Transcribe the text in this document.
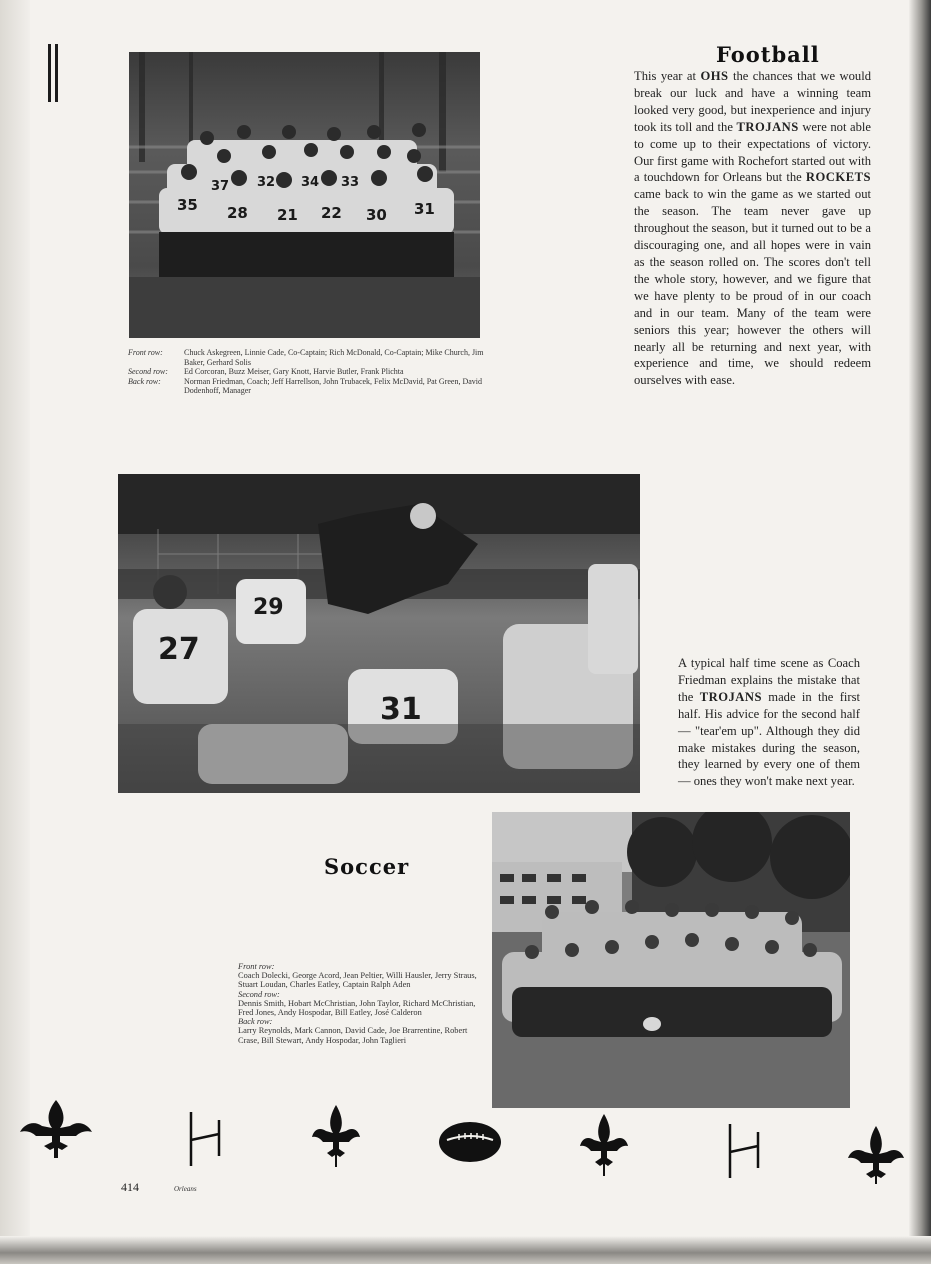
35 28 21 22 30 31
37 32 34 33
Front row:	Chuck Askegreen, Linnie Cade, Co-Captain; Rich McDonald, Co-Captain; Mike Church, Jim Baker, Gerhard Solis
Second row:	Ed Corcoran, Buzz Meiser, Gary Knott, Harvie Butler, Frank Plichta
Back row:	Norman Friedman, Coach; Jeff Harrellson, John Trubacek, Felix McDavid, Pat Green, David Dodenhoff, Manager
Football
This year at OHS the chances that we would break our luck and have a winning team looked very good, but inexperience and injury took its toll and the TROJANS were not able to come up to their expectations of victory. Our first game with Rochefort started out with a touchdown for Orleans but the ROCKETS came back to win the game as we started out the season. The team never gave up throughout the season, but it turned out to be a discouraging one, and all hopes were in vain as the season rolled on. The scores don't tell the whole story, however, and we figure that we have plenty to be proud of in our coach and in our team. Many of the team were seniors this year; however the others will nearly all be returning and next year, with experience and time, we should redeem ourselves with ease.
27
29
31
A typical half time scene as Coach Friedman explains the mistake that the TROJANS made in the first half. His advice for the second half — "tear'em up". Although they did make mistakes during the season, they learned by every one of them — ones they won't make next year.
Soccer
Front row:
Coach Dolecki, George Acord, Jean Peltier, Willi Hausler, Jerry Straus, Stuart Loudan, Charles Eatley, Captain Ralph Aden
Second row:
Dennis Smith, Hobart McChristian, John Taylor, Richard McChristian, Fred Jones, Andy Hospodar, Bill Eatley, José Calderon
Back row:
Larry Reynolds, Mark Cannon, David Cade, Joe Brarrentine, Robert Crase, Bill Stewart, Andy Hospodar, John Taglieri
414	Orleans
